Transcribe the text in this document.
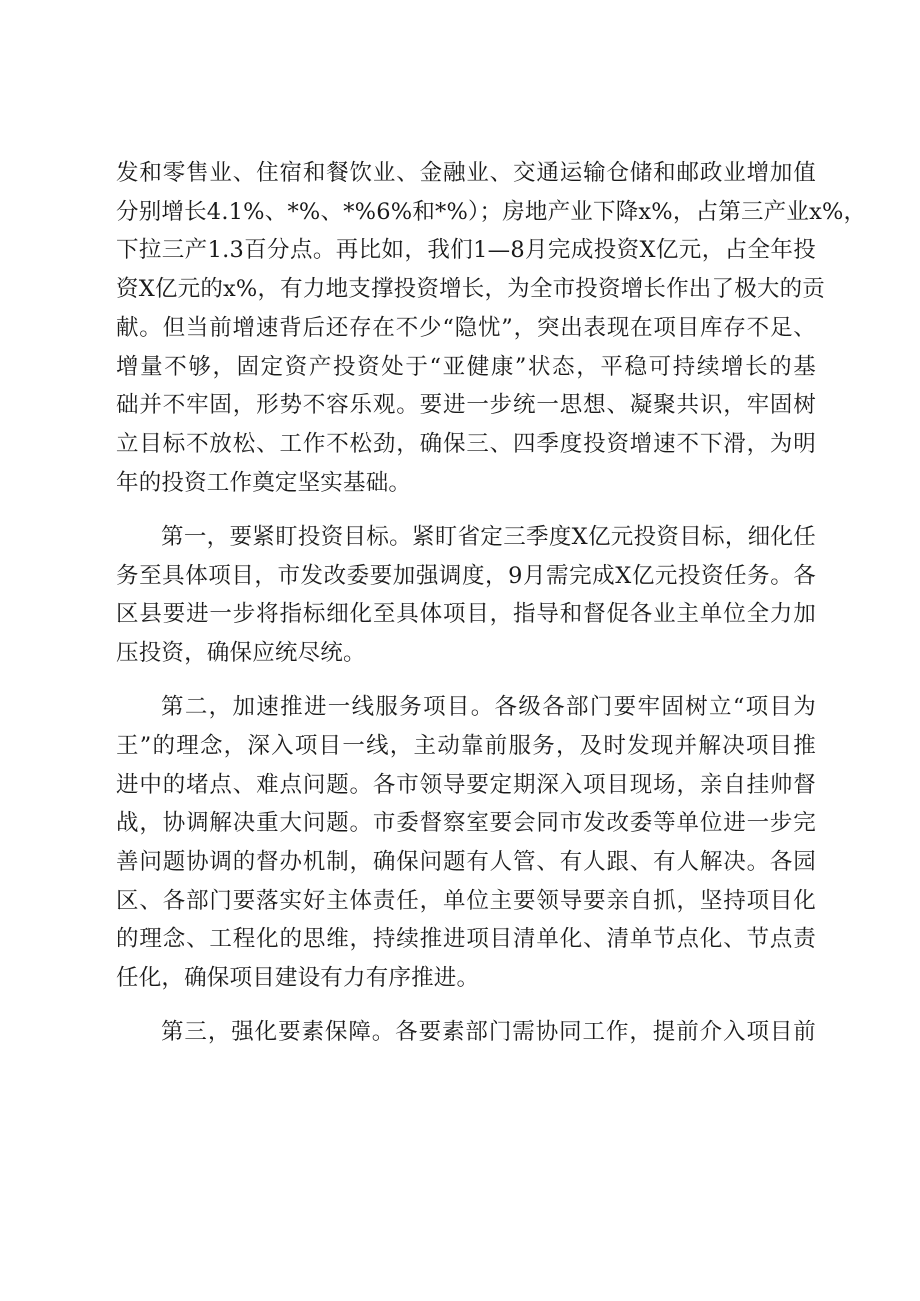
发和零售业、住宿和餐饮业、金融业、交通运输仓储和邮政业增加值
分别增长4.1%、*%、*%6%和*%）；房地产业下降x%，占第三产业x%，
下拉三产1.3百分点。再比如，我们1—8月完成投资X亿元，占全年投
资X亿元的x%，有力地支撑投资增长，为全市投资增长作出了极大的贡
献。但当前增速背后还存在不少“隐忧”，突出表现在项目库存不足、
增量不够，固定资产投资处于“亚健康”状态，平稳可持续增长的基
础并不牢固，形势不容乐观。要进一步统一思想、凝聚共识，牢固树
立目标不放松、工作不松劲，确保三、四季度投资增速不下滑，为明
年的投资工作奠定坚实基础。
第一，要紧盯投资目标。紧盯省定三季度X亿元投资目标，细化任
务至具体项目，市发改委要加强调度，9月需完成X亿元投资任务。各
区县要进一步将指标细化至具体项目，指导和督促各业主单位全力加
压投资，确保应统尽统。
第二，加速推进一线服务项目。各级各部门要牢固树立“项目为
王”的理念，深入项目一线，主动靠前服务，及时发现并解决项目推
进中的堵点、难点问题。各市领导要定期深入项目现场，亲自挂帅督
战，协调解决重大问题。市委督察室要会同市发改委等单位进一步完
善问题协调的督办机制，确保问题有人管、有人跟、有人解决。各园
区、各部门要落实好主体责任，单位主要领导要亲自抓，坚持项目化
的理念、工程化的思维，持续推进项目清单化、清单节点化、节点责
任化，确保项目建设有力有序推进。
第三，强化要素保障。各要素部门需协同工作，提前介入项目前
